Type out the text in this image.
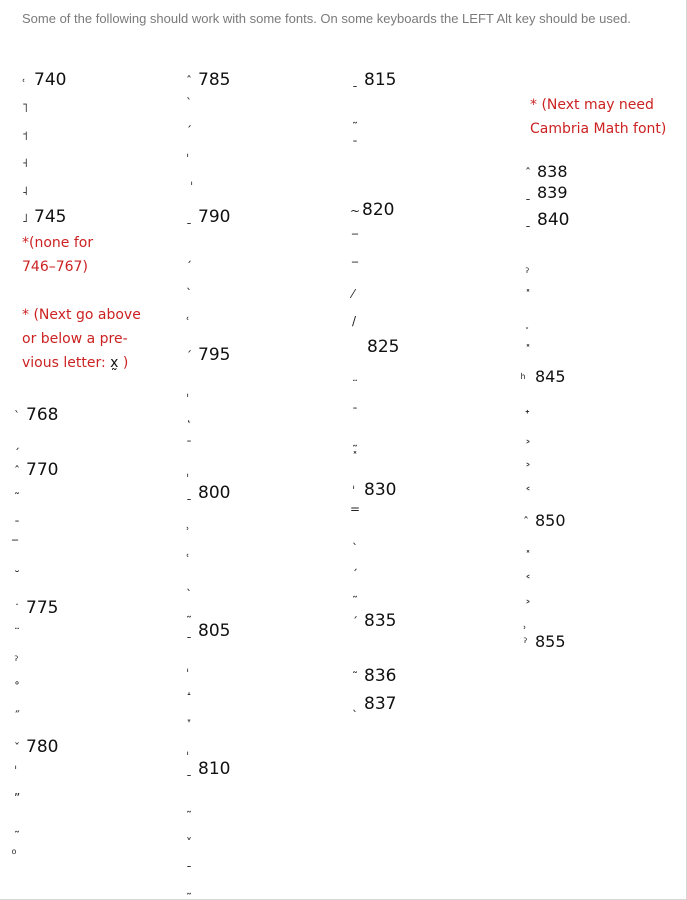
Some of the following should work with some fonts. On some keyboards the LEFT Alt key should be used.
˓ 740
˥
˦
˧
˨
˩ 745
*(none for
746–767)
* (Next go above
or below a pre-
vious letter: x̰ )
ˋ 768
ˏ
ˆ 770
˜
ˉ
‾
˘
˙ 775
¨
ˀ
˚
˝
ˇ 780
ˈ
ˮ
˷
ˆ 785
ˋ
ˊ
ˈ
ˈ
ˍ 790
ˏ
ˎ
˓
ˊ 795
ˌ
˛
ˉ
ˌ
ˍ 800
˒
˓
ˎ
˷
ˍ 805
ˌ
˔
˕
ˌ
ˍ 810
˷
ˬ
ˍ
˷
ˍ 815
˷
ˉ
~ 820
‾
‾
⁄
/
825
¨
ˉ
˷
˟
ˈ 830
=
ˎ
ˏ
˷
ˊ 835
˜ 836
ˎ 837
* (Next may need
Cambria Math font)
ˆ 838
ˍ 839
ˍ 840
ˀ
˟
˯
˟
845
˖
˃
˃
˂
ˆ 850
˟
˂
˃
˒
ˀ 855
